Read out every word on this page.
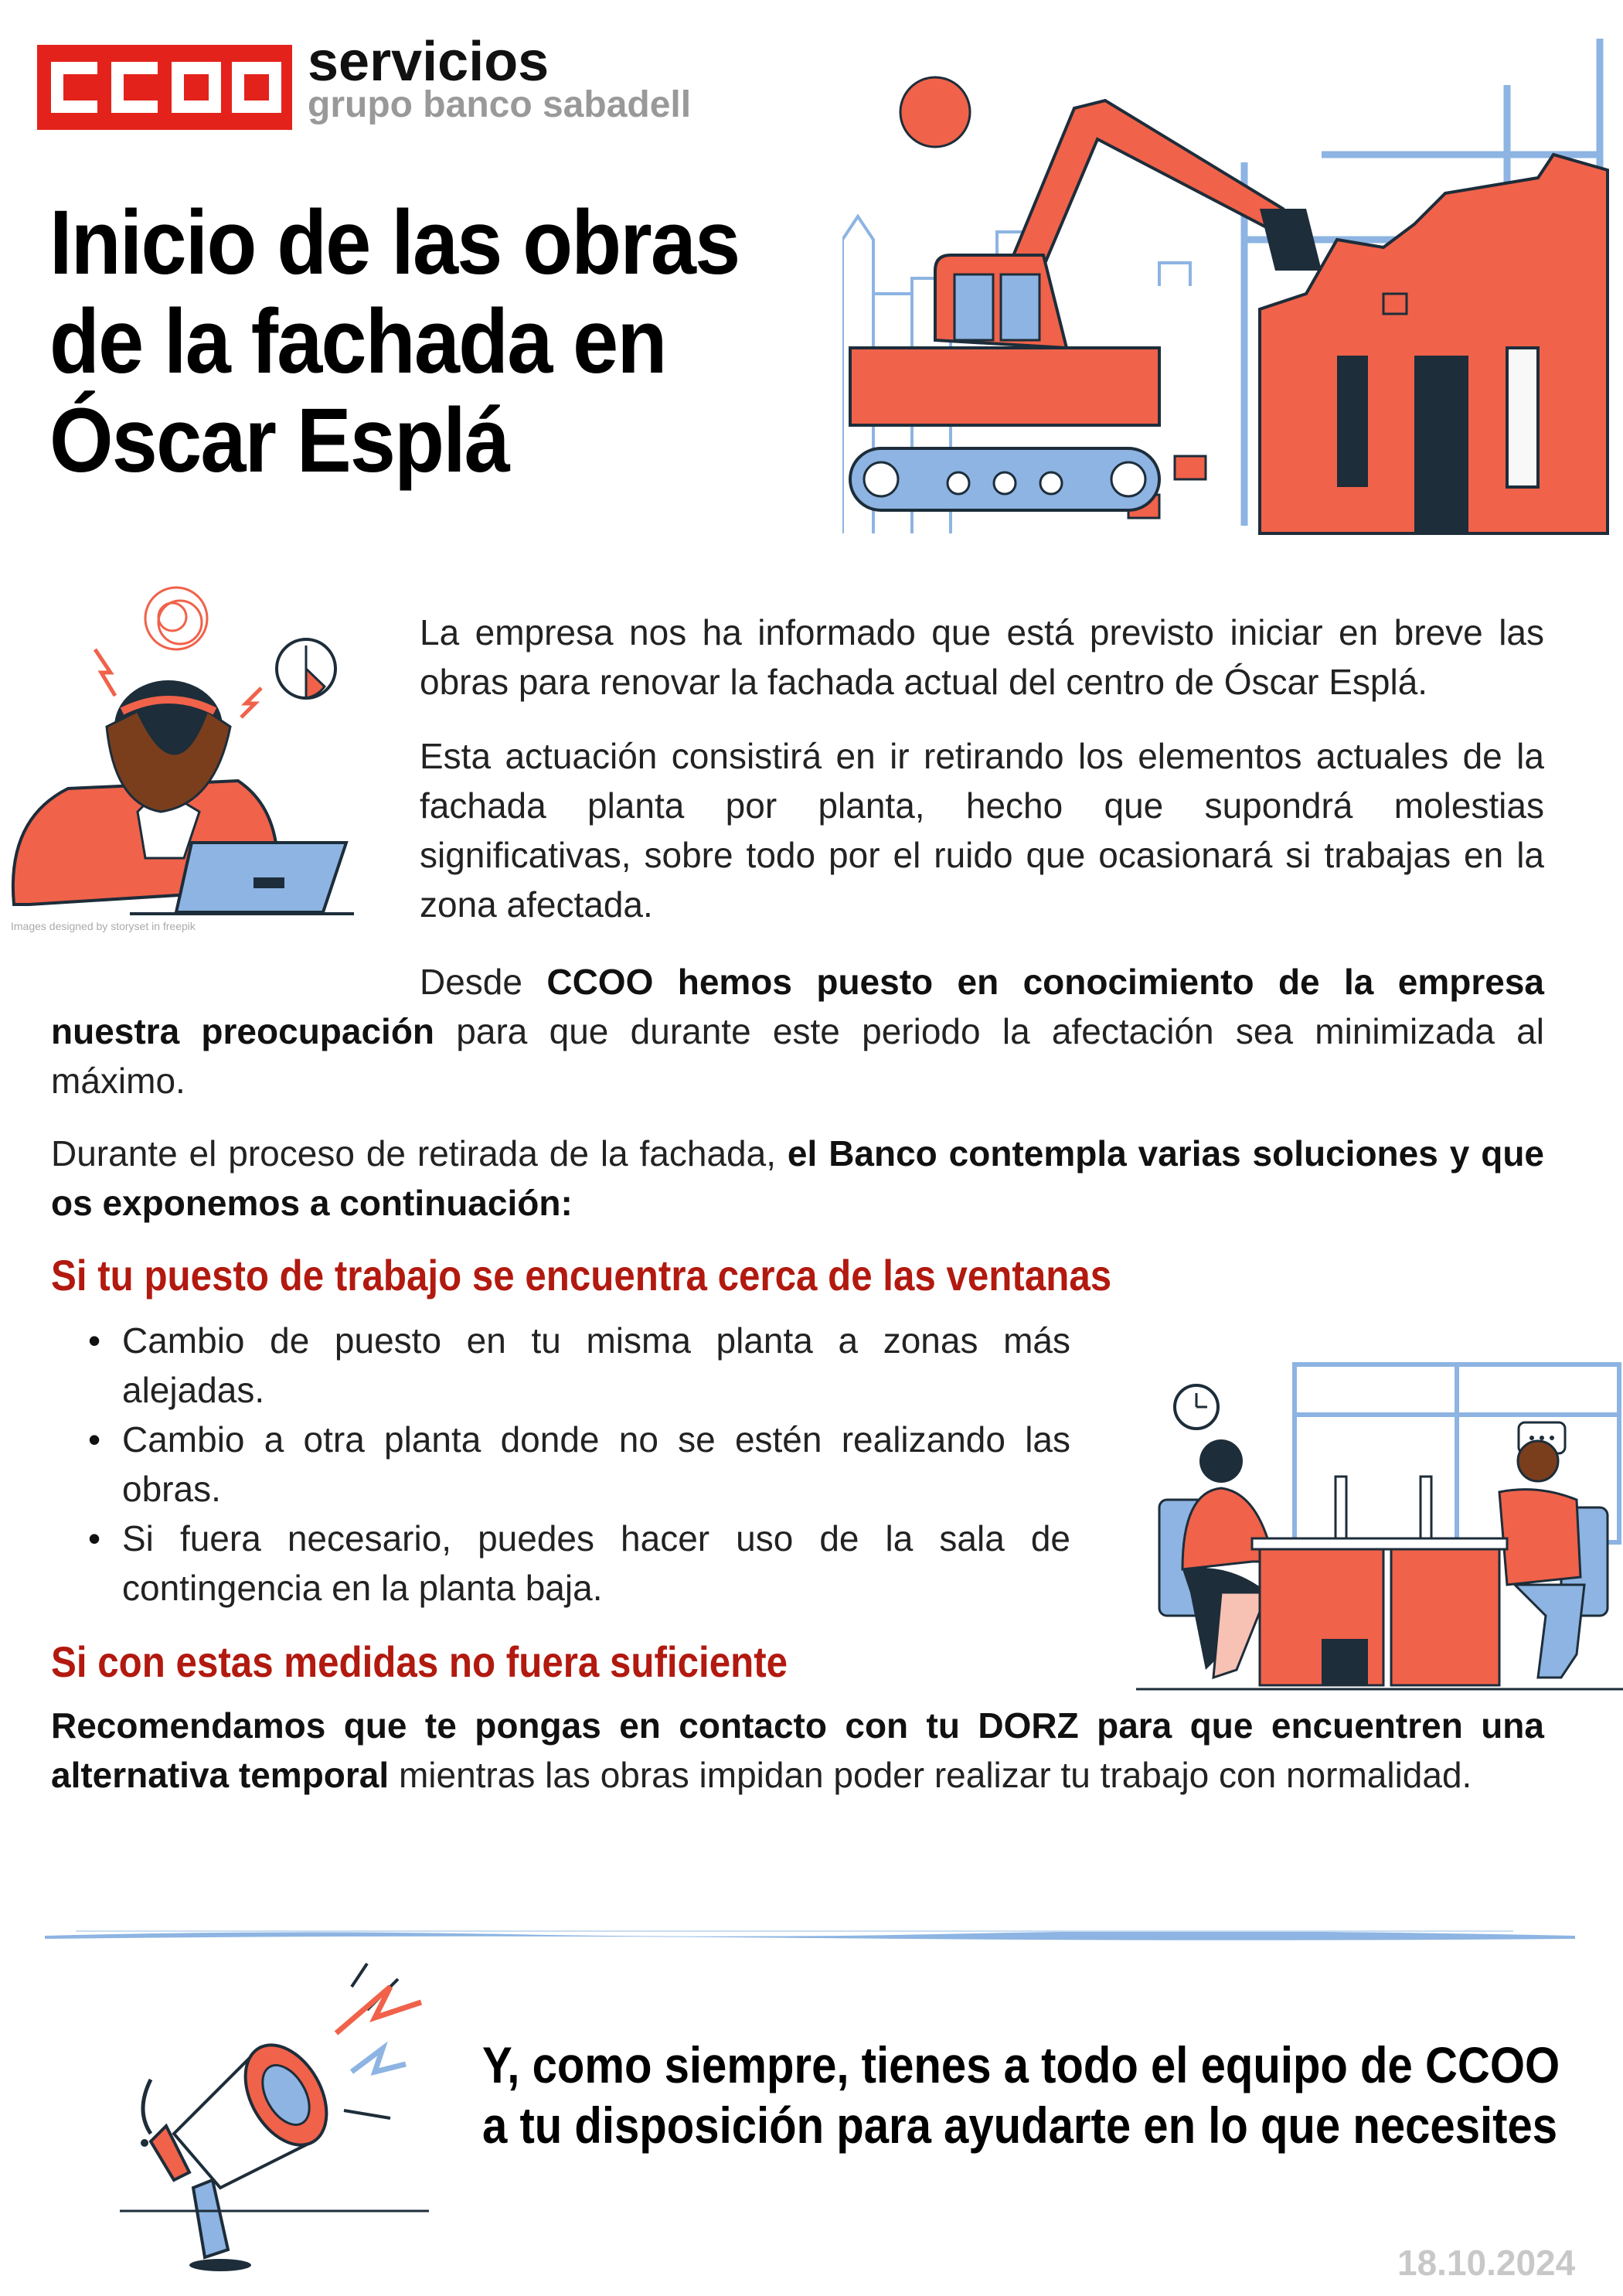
servicios
grupo banco sabadell
Inicio de las obras
de la fachada en
Óscar Esplá
Images designed by storyset in freepik
La empresa nos ha informado que está previsto iniciar en breve las obras para renovar la fachada actual del centro de Óscar Esplá.
Esta actuación consistirá en ir retirando los elementos actuales de la fachada planta por planta, hecho que supondrá molestias significativas, sobre todo por el ruido que ocasionará si trabajas en la zona afectada.
Desde CCOO hemos puesto en conocimiento de la empresa nuestra preocupación para que durante este periodo la afectación sea minimizada al máximo.
Durante el proceso de retirada de la fachada, el Banco contempla varias soluciones y que os exponemos a continuación:
Si tu puesto de trabajo se encuentra cerca de las ventanas
• Cambio de puesto en tu misma planta a zonas más alejadas.
• Cambio a otra planta donde no se estén realizando las obras.
• Si fuera necesario, puedes hacer uso de la sala de contingencia en la planta baja.
Si con estas medidas no fuera suficiente
Recomendamos que te pongas en contacto con tu DORZ para que encuentren una alternativa temporal mientras las obras impidan poder realizar tu trabajo con normalidad.
Y, como siempre, tienes a todo el equipo de CCOO
a tu disposición para ayudarte en lo que necesites
18.10.2024
